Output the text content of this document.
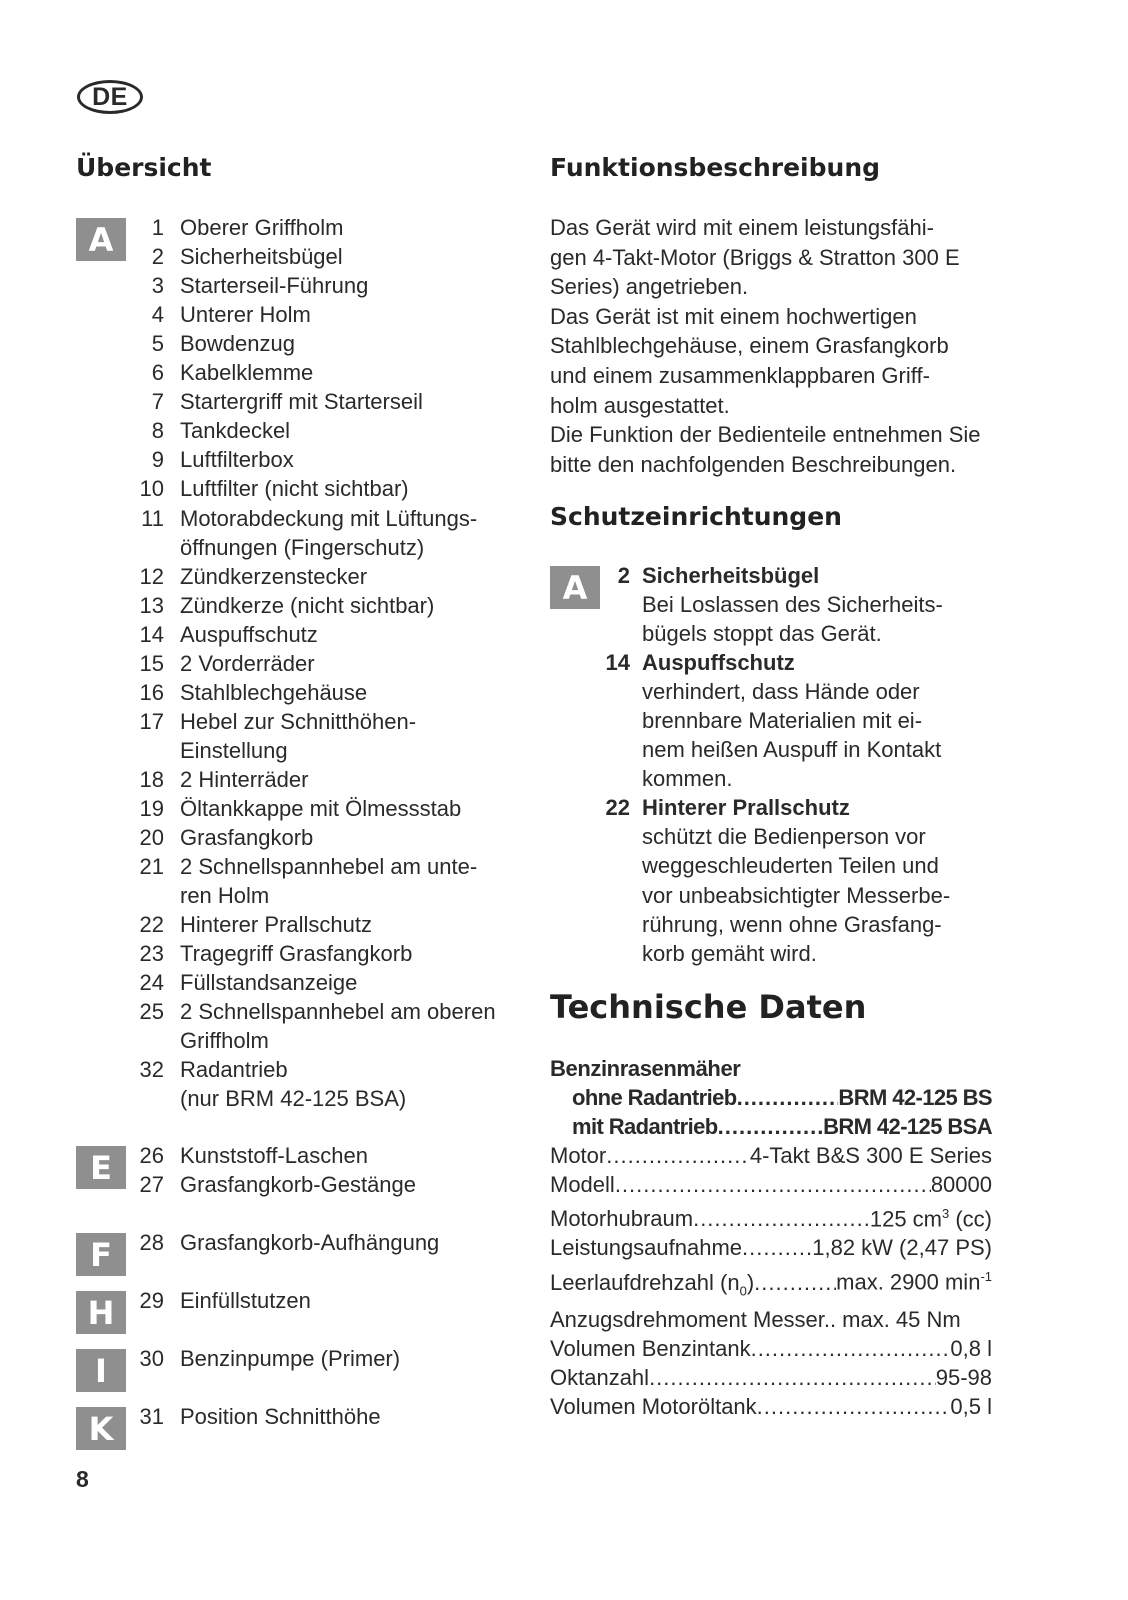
DE
Übersicht	Funktionsbeschreibung
A	1 Oberer Griffholm
2 Sicherheitsbügel
3 Starterseil-Führung
4 Unterer Holm
5 Bowdenzug
6 Kabelklemme
7 Startergriff mit Starterseil
8 Tankdeckel
9 Luftfilterbox
10 Luftfilter (nicht sichtbar)
11 Motorabdeckung mit Lüftungs-
öffnungen (Fingerschutz)
12 Zündkerzenstecker
13 Zündkerze (nicht sichtbar)
14 Auspuffschutz
15 2 Vorderräder
16 Stahlblechgehäuse
17 Hebel zur Schnitthöhen-
Einstellung
18 2 Hinterräder
19 Öltankkappe mit Ölmessstab
20 Grasfangkorb
21 2 Schnellspannhebel am unte-
ren Holm
22 Hinterer Prallschutz
23 Tragegriff Grasfangkorb
24 Füllstandsanzeige
25 2 Schnellspannhebel am oberen
Griffholm
32 Radantrieb
(nur BRM 42-125 BSA)
E	26 Kunststoff-Laschen
27 Grasfangkorb-Gestänge
F	28 Grasfangkorb-Aufhängung
H	29 Einfüllstutzen
I	30 Benzinpumpe (Primer)
K	31 Position Schnitthöhe
Das Gerät wird mit einem leistungsfähi-
gen 4-Takt-Motor (Briggs & Stratton 300 E
Series) angetrieben.
Das Gerät ist mit einem hochwertigen
Stahlblechgehäuse, einem Grasfangkorb
und einem zusammenklappbaren Griff-
holm ausgestattet.
Die Funktion der Bedienteile entnehmen Sie
bitte den nachfolgenden Beschreibungen.
Schutzeinrichtungen
A	2 Sicherheitsbügel
Bei Loslassen des Sicherheits-
bügels stoppt das Gerät.
14 Auspuffschutz
verhindert, dass Hände oder
brennbare Materialien mit ei-
nem heißen Auspuff in Kontakt
kommen.
22 Hinterer Prallschutz
schützt die Bedienperson vor
weggeschleuderten Teilen und
vor unbeabsichtigter Messerbe-
rührung, wenn ohne Grasfang-
korb gemäht wird.
Technische Daten
Benzinrasenmäher
ohne Radantrieb .....	BRM 42-125 BS
mit Radantrieb .....	BRM 42-125 BSA
Motor .....	4-Takt B&S 300 E Series
Modell .....	80000
Motorhubraum .....	125 $cm^3$ (cc)
Leistungsaufnahme .....	1,82 kW (2,47 PS)
Leerlaufdrehzahl $(n_0)$ .....	max. 2900 $\min^{-1}$
Anzugsdrehmoment Messer.. max. 45 Nm
Volumen Benzintank .....	0,8 l
Oktanzahl .....	95-98
Volumen Motoröltank .....	0,5 l
8
